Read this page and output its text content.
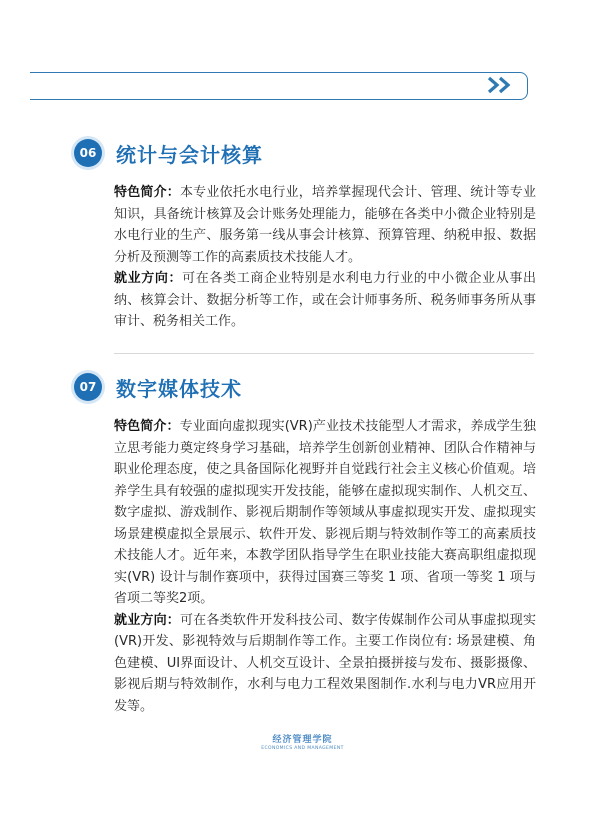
06 统计与会计核算

特色简介：本专业依托水电行业，培养掌握现代会计、管理、统计等专业知识，具备统计核算及会计账务处理能力，能够在各类中小微企业特别是水电行业的生产、服务第一线从事会计核算、预算管理、纳税申报、数据分析及预测等工作的高素质技术技能人才。

就业方向：可在各类工商企业特别是水利电力行业的中小微企业从事出纳、核算会计、数据分析等工作，或在会计师事务所、税务师事务所从事审计、税务相关工作。

07 数字媒体技术

特色简介：专业面向虚拟现实(VR)产业技术技能型人才需求，养成学生独立思考能力奠定终身学习基础，培养学生创新创业精神、团队合作精神与职业伦理态度，使之具备国际化视野并自觉践行社会主义核心价值观。培养学生具有较强的虚拟现实开发技能，能够在虚拟现实制作、人机交互、数字虚拟、游戏制作、影视后期制作等领域从事虚拟现实开发、虚拟现实场景建模虚拟全景展示、软件开发、影视后期与特效制作等工的高素质技术技能人才。近年来，本教学团队指导学生在职业技能大赛高职组虚拟现实(VR) 设计与制作赛项中，获得过国赛三等奖 1 项、省项一等奖 1 项与省项二等奖2项。

就业方向：可在各类软件开发科技公司、数字传媒制作公司从事虚拟现实(VR)开发、影视特效与后期制作等工作。主要工作岗位有: 场景建模、角色建模、UI界面设计、人机交互设计、全景拍摄拼接与发布、摄影摄像、影视后期与特效制作，水利与电力工程效果图制作.水利与电力VR应用开发等。

经济管理学院
ECONOMICS AND MANAGEMENT
